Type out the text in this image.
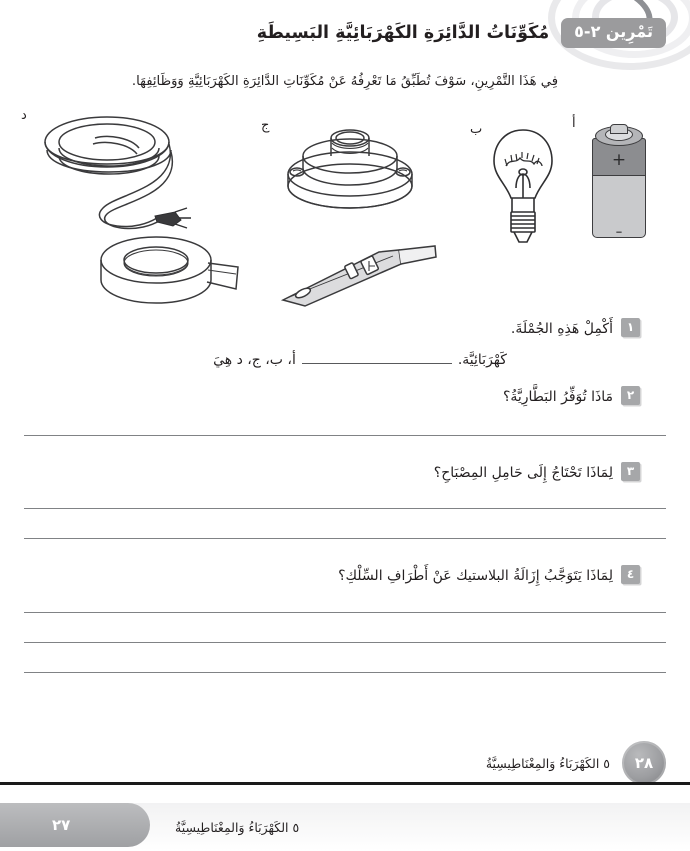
تَمْرِين ٢-٥
مُكَوِّنَاتُ الدَّائِرَةِ الكَهْرَبَائِيَّةِ البَسِيطَةِ
فِي هَذَا التَّمْرِينِ، سَوْفَ تُطَبِّقُ مَا تَعْرِفُهُ عَنْ مُكَوِّنَاتِ الدَّائِرَةِ الكَهْرَبَائِيَّةِ وَوَظَائِفِهَا.
أ
+
ـ
ب
ج
د
١
أَكْمِلْ هَذِهِ الجُمْلَةَ.
كَهْرَبَائِيَّة.
أ، ب، ج، د هِيَ
٢
مَاذَا تُوَفِّرُ البَطَّارِيَّةُ؟
٣
لِمَاذَا تَحْتَاجُ إِلَى حَامِلِ المِصْبَاحِ؟
٤
لِمَاذَا يَتَوَجَّبُ إِزَالَةُ البلاستيك عَنْ أَطْرَافِ السِّلْكِ؟
٢٨
٥ الكَهْرَبَاءُ وَالمِغْنَاطِيسِيَّةُ
٢٧	٥ الكَهْرَبَاءُ وَالمِغْنَاطِيسِيَّةُ
